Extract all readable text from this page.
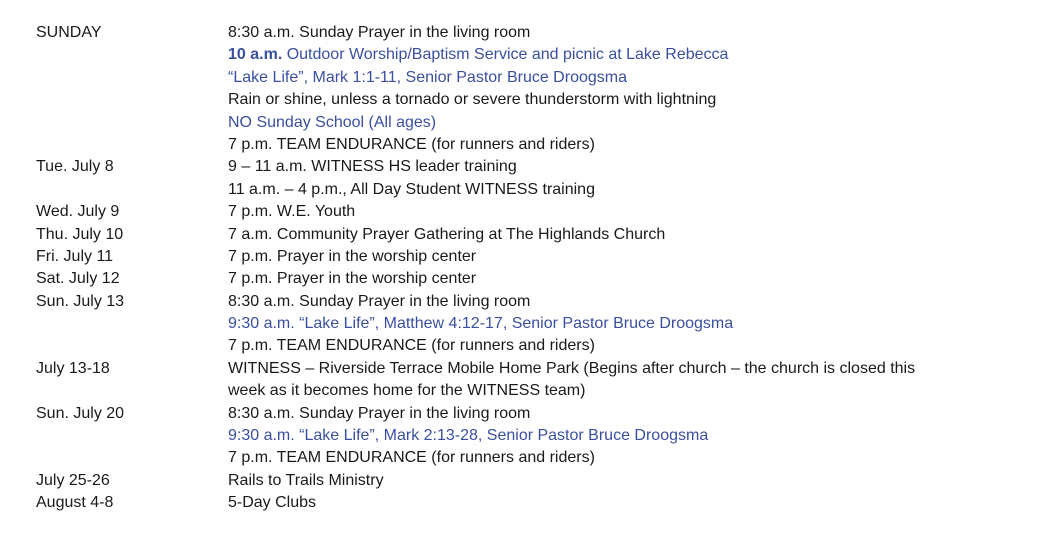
SUNDAY	8:30 a.m. Sunday Prayer in the living room
10 a.m. Outdoor Worship/Baptism Service and picnic at Lake Rebecca
“Lake Life”, Mark 1:1-11, Senior Pastor Bruce Droogsma
Rain or shine, unless a tornado or severe thunderstorm with lightning
NO Sunday School (All ages)
7 p.m. TEAM ENDURANCE (for runners and riders)
Tue. July 8	9 – 11 a.m. WITNESS HS leader training
11 a.m. – 4 p.m., All Day Student WITNESS training
Wed. July 9	7 p.m. W.E. Youth
Thu. July 10	7 a.m. Community Prayer Gathering at The Highlands Church
Fri. July 11	7 p.m. Prayer in the worship center
Sat. July 12	7 p.m. Prayer in the worship center
Sun. July 13	8:30 a.m. Sunday Prayer in the living room
9:30 a.m. “Lake Life”, Matthew 4:12-17, Senior Pastor Bruce Droogsma
7 p.m. TEAM ENDURANCE (for runners and riders)
July 13-18	WITNESS – Riverside Terrace Mobile Home Park (Begins after church – the church is closed this
week as it becomes home for the WITNESS team)
Sun. July 20	8:30 a.m. Sunday Prayer in the living room
9:30 a.m. “Lake Life”, Mark 2:13-28, Senior Pastor Bruce Droogsma
7 p.m. TEAM ENDURANCE (for runners and riders)
July 25-26	Rails to Trails Ministry
August 4-8	5-Day Clubs
